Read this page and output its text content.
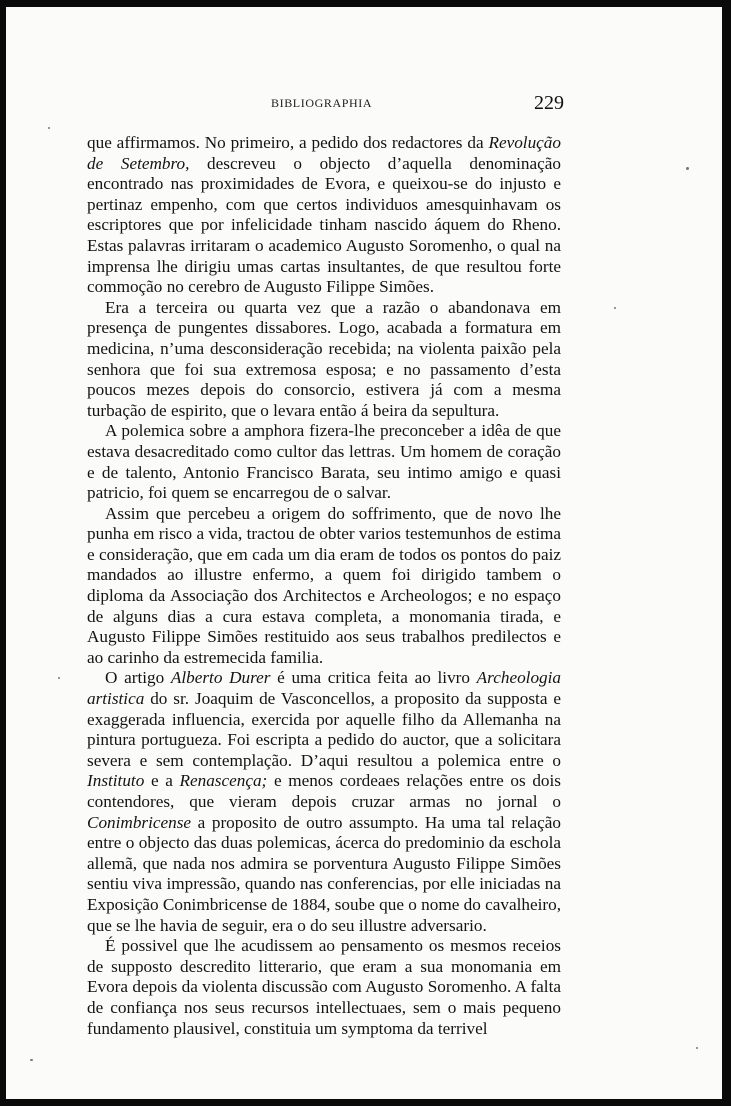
BIBLIOGRAPHIA	229

que affirmamos. No primeiro, a pedido dos redactores da Revolução de Setembro, descreveu o objecto d’aquella denominação encontrado nas proximidades de Evora, e queixou-se do injusto e pertinaz empenho, com que certos individuos amesquinhavam os escriptores que por infelicidade tinham nascido áquem do Rheno. Estas palavras irritaram o academico Augusto Soromenho, o qual na imprensa lhe dirigiu umas cartas insultantes, de que resultou forte commoção no cerebro de Augusto Filippe Simões.

Era a terceira ou quarta vez que a razão o abandonava em presença de pungentes dissabores. Logo, acabada a formatura em medicina, n’uma desconsideração recebida; na violenta paixão pela senhora que foi sua extremosa esposa; e no passamento d’esta poucos mezes depois do consorcio, estivera já com a mesma turbação de espirito, que o levara então á beira da sepultura.

A polemica sobre a amphora fizera-lhe preconceber a idêa de que estava desacreditado como cultor das lettras. Um homem de coração e de talento, Antonio Francisco Barata, seu intimo amigo e quasi patricio, foi quem se encarregou de o salvar.

Assim que percebeu a origem do soffrimento, que de novo lhe punha em risco a vida, tractou de obter varios testemunhos de estima e consideração, que em cada um dia eram de todos os pontos do paiz mandados ao illustre enfermo, a quem foi dirigido tambem o diploma da Associação dos Architectos e Archeologos; e no espaço de alguns dias a cura estava completa, a monomania tirada, e Augusto Filippe Simões restituido aos seus trabalhos predilectos e ao carinho da estremecida familia.

O artigo Alberto Durer é uma critica feita ao livro Archeologia artistica do sr. Joaquim de Vasconcellos, a proposito da supposta e exaggerada influencia, exercida por aquelle filho da Allemanha na pintura portugueza. Foi escripta a pedido do auctor, que a solicitara severa e sem contemplação. D’aqui resultou a polemica entre o Instituto e a Renascença; e menos cordeaes relações entre os dois contendores, que vieram depois cruzar armas no jornal o Conimbricense a proposito de outro assumpto. Ha uma tal relação entre o objecto das duas polemicas, ácerca do predominio da eschola allemã, que nada nos admira se porventura Augusto Filippe Simões sentiu viva impressão, quando nas conferencias, por elle iniciadas na Exposição Conimbricense de 1884, soube que o nome do cavalheiro, que se lhe havia de seguir, era o do seu illustre adversario.

É possivel que lhe acudissem ao pensamento os mesmos receios de supposto descredito litterario, que eram a sua monomania em Evora depois da violenta discussão com Augusto Soromenho. A falta de confiança nos seus recursos intellectuaes, sem o mais pequeno fundamento plausivel, constituia um symptoma da terrivel
